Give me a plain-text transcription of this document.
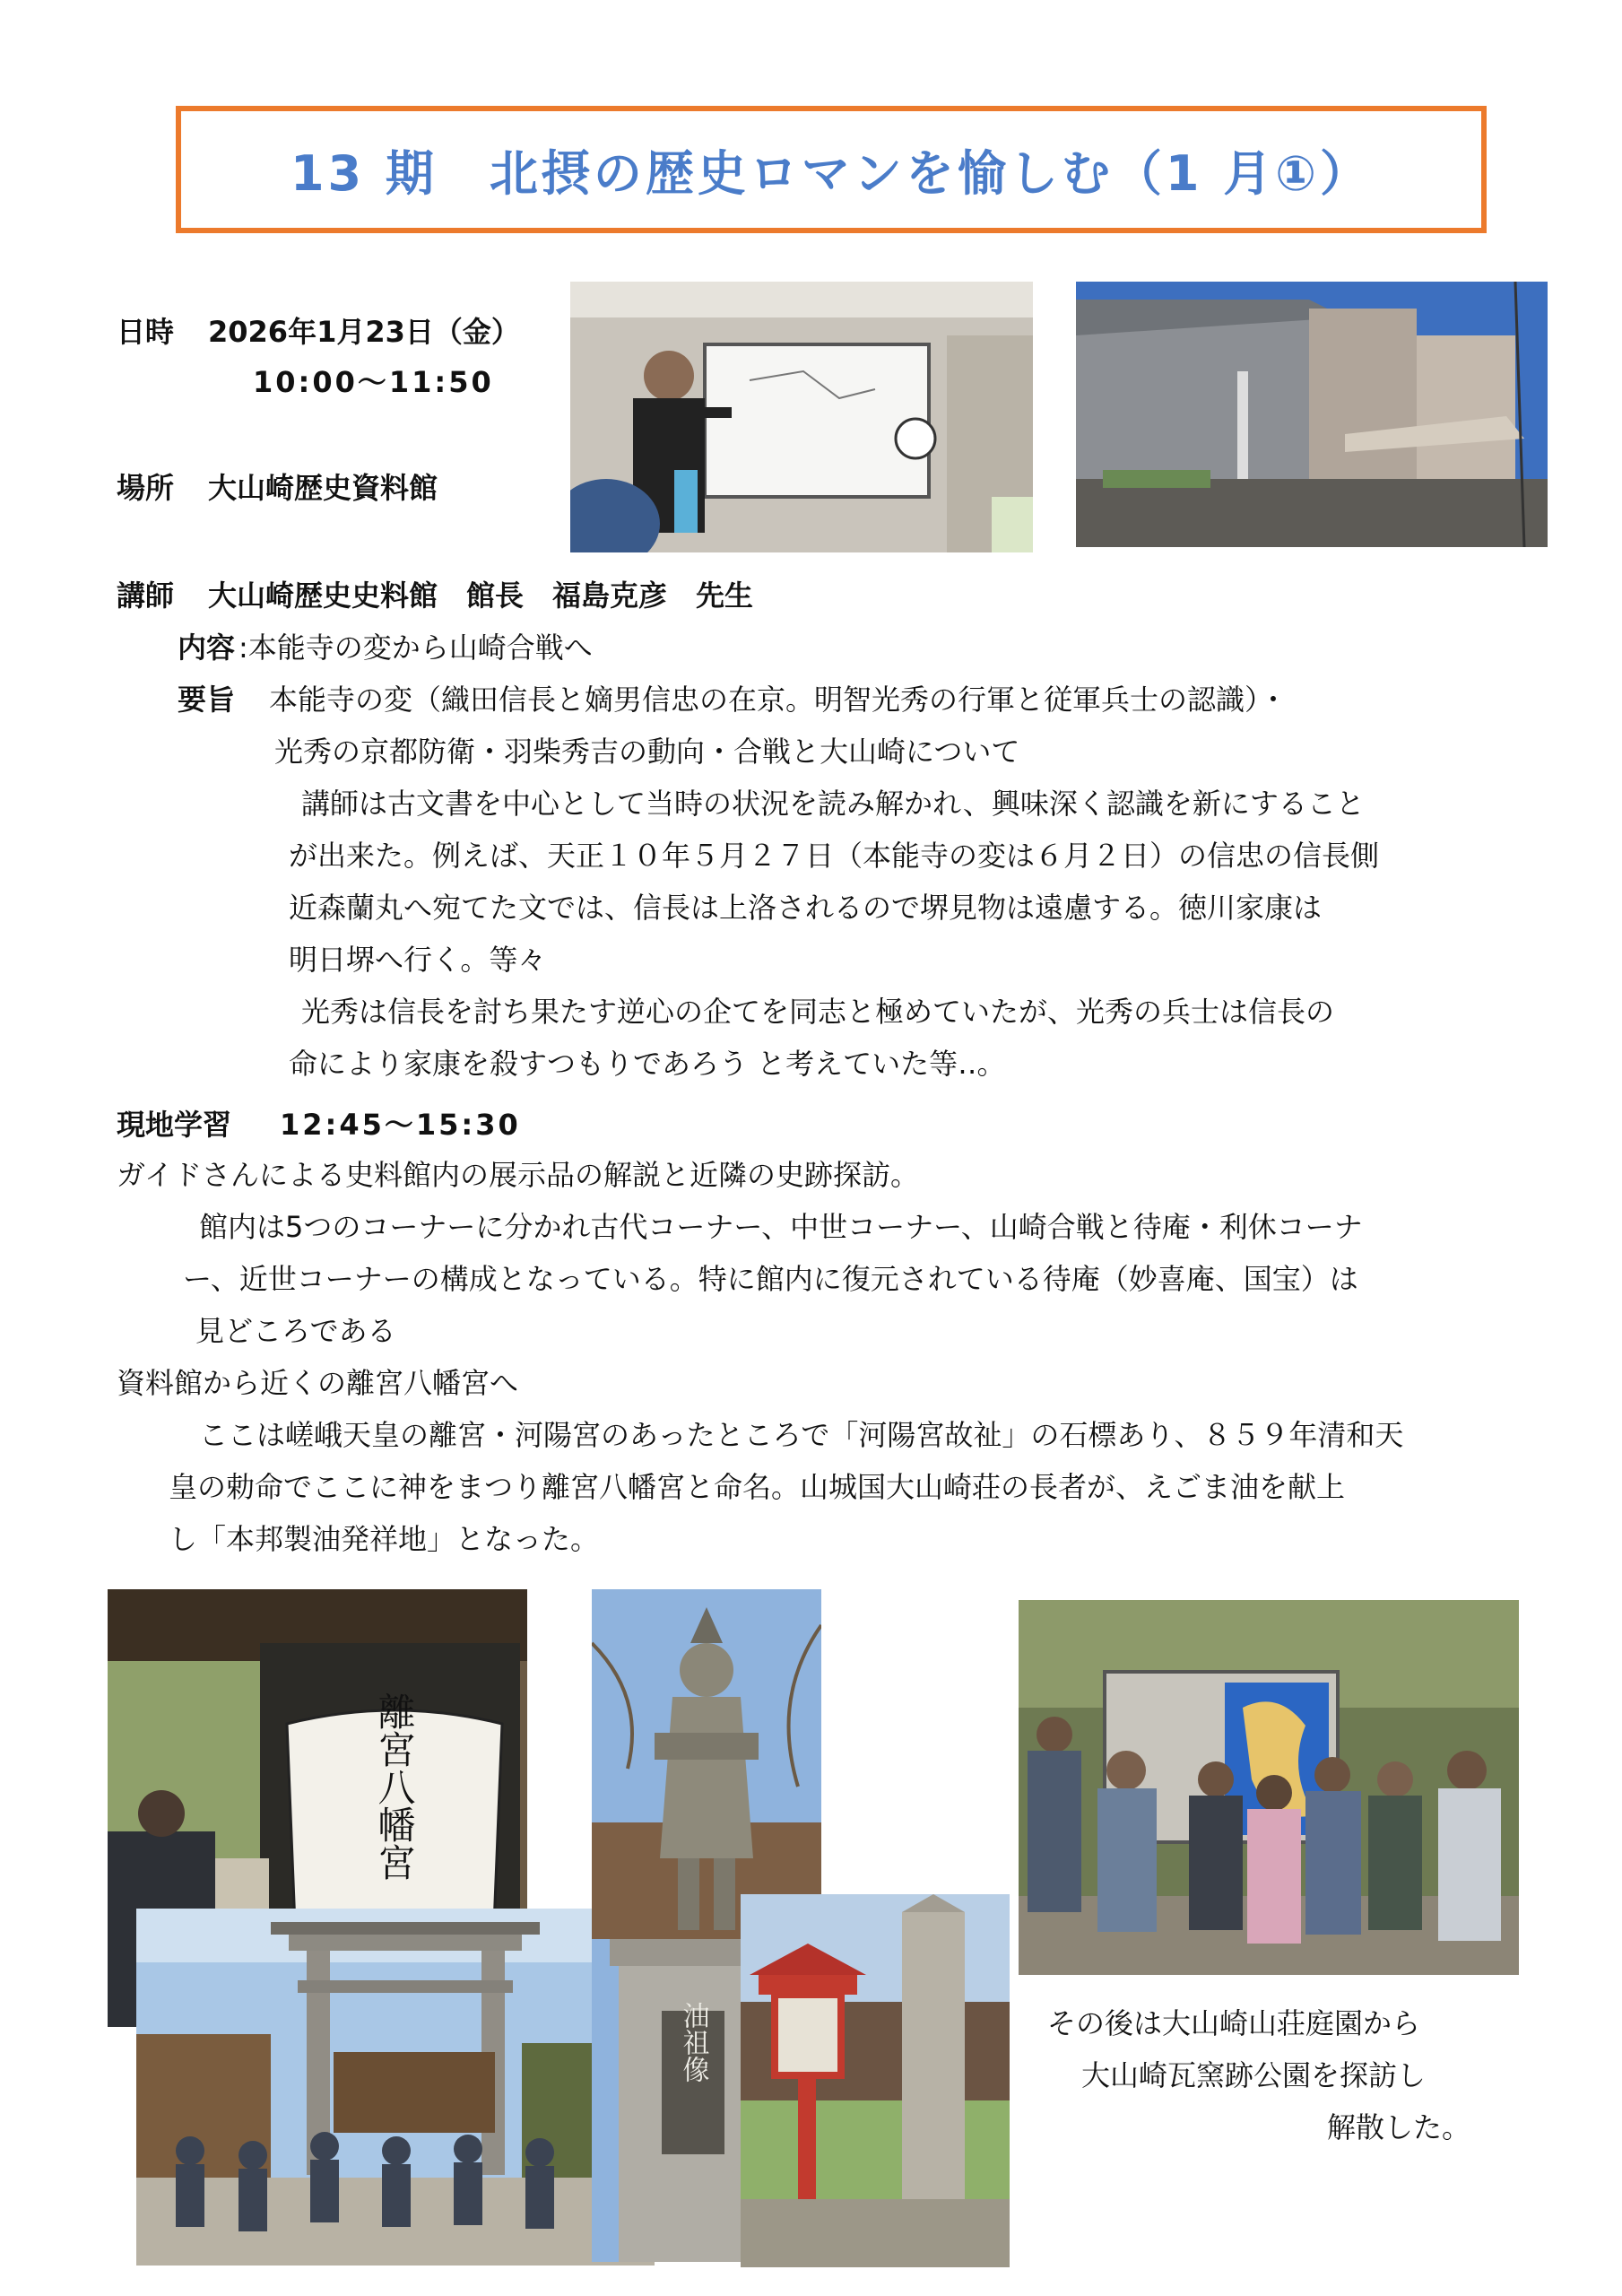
13 期　北摂の歴史ロマンを愉しむ（1 月①）
日時 2026年1月23日（金）
10:00～11:50
場所 大山崎歴史資料館
講師 大山崎歴史史料館　館長　福島克彦　先生
内容 :本能寺の変から山崎合戦へ
要旨 本能寺の変（織田信長と嫡男信忠の在京。明智光秀の行軍と従軍兵士の認識）・
光秀の京都防衛・羽柴秀吉の動向・合戦と大山崎について
講師は古文書を中心として当時の状況を読み解かれ、興味深く認識を新にすること
が出来た。例えば、天正１０年５月２７日（本能寺の変は６月２日）の信忠の信長側
近森蘭丸へ宛てた文では、信長は上洛されるので堺見物は遠慮する。徳川家康は
明日堺へ行く。等々
光秀は信長を討ち果たす逆心の企てを同志と極めていたが、光秀の兵士は信長の
命により家康を殺すつもりであろう と考えていた等‥。
現地学習 12:45～15:30
ガイドさんによる史料館内の展示品の解説と近隣の史跡探訪。
館内は5つのコーナーに分かれ古代コーナー、中世コーナー、山崎合戦と待庵・利休コーナ
ー、近世コーナーの構成となっている。特に館内に復元されている待庵（妙喜庵、国宝）は
見どころである
資料館から近くの離宮八幡宮へ
ここは嵯峨天皇の離宮・河陽宮のあったところで「河陽宮故祉」の石標あり、８５９年清和天
皇の勅命でここに神をまつり離宮八幡宮と命名。山城国大山崎荘の長者が、えごま油を献上
し「本邦製油発祥地」となった。
その後は大山崎山荘庭園から
大山崎瓦窯跡公園を探訪し
解散した。
離宮八幡宮
油祖像
